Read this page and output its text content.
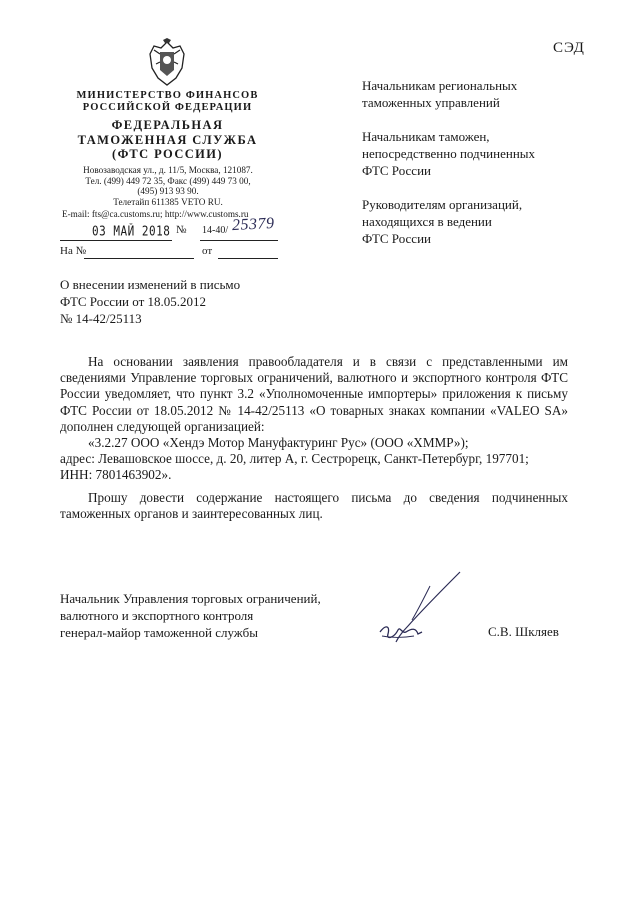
МИНИСТЕРСТВО ФИНАНСОВ
РОССИЙСКОЙ ФЕДЕРАЦИИ
ФЕДЕРАЛЬНАЯ
ТАМОЖЕННАЯ СЛУЖБА
(ФТС РОССИИ)
Новозаводская ул., д. 11/5, Москва, 121087.
Тел. (499) 449 72 35, Факс (499) 449 73 00,
(495) 913 93 90.
Телетайп 611385 VETO RU.
E-mail: fts@ca.customs.ru; http://www.customs.ru
03 МАЙ 2018 № 14-40/ 25379
На №	от
СЭД
Начальникам региональных
таможенных управлений
Начальникам таможен,
непосредственно подчиненных
ФТС России
Руководителям организаций,
находящихся в ведении
ФТС России
О внесении изменений в письмо
ФТС России от 18.05.2012
№ 14-42/25113

На основании заявления правообладателя и в связи с представленными им сведениями Управление торговых ограничений, валютного и экспортного контроля ФТС России уведомляет, что пункт 3.2 «Уполномоченные импортеры» приложения к письму ФТС России от 18.05.2012 № 14-42/25113 «О товарных знаках компании «VALEO SA» дополнен следующей организацией:

«3.2.27 ООО «Хендэ Мотор Мануфактуринг Рус» (ООО «ХММР»);

адрес: Левашовское шоссе, д. 20, литер А, г. Сестрорецк, Санкт-Петербург, 197701;

ИНН: 7801463902».

Прошу довести содержание настоящего письма до сведения подчиненных таможенных органов и заинтересованных лиц.

Начальник Управления торговых ограничений,
валютного и экспортного контроля
генерал-майор таможенной службы	С.В. Шкляев
